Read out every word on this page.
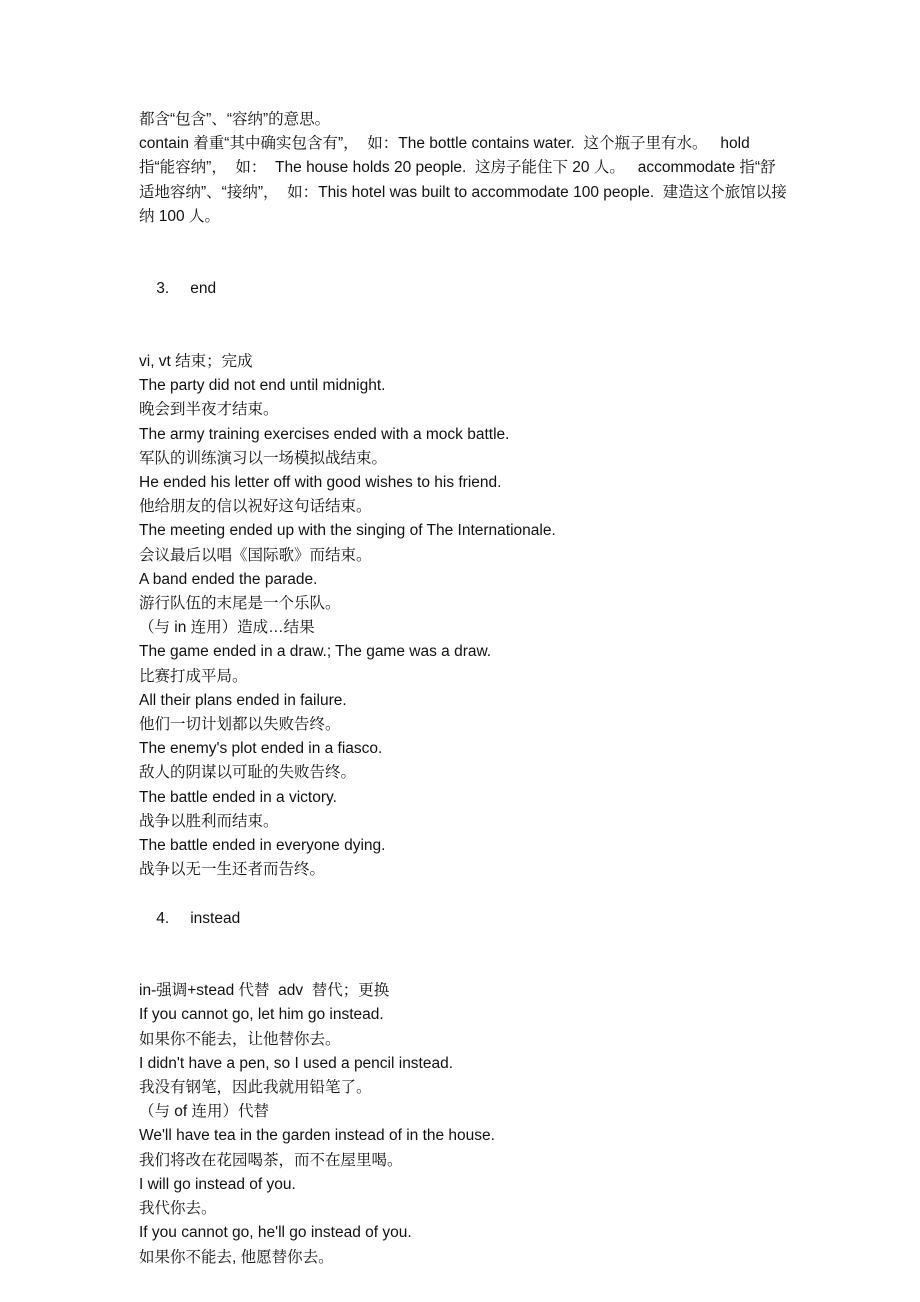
都含“包含”、“容纳”的意思。

contain 着重“其中确实包含有”，  如：The bottle contains water.  这个瓶子里有水。   hold 指“能容纳”，  如：  The house holds 20 people.  这房子能住下 20 人。   accommodate 指“舒适地容纳”、“接纳”，  如：This hotel was built to accommodate 100 people.  建造这个旅馆以接纳 100 人。

3. end

vi, vt 结束；完成

The party did not end until midnight.

晚会到半夜才结束。

The army training exercises ended with a mock battle.

军队的训练演习以一场模拟战结束。

He ended his letter off with good wishes to his friend.

他给朋友的信以祝好这句话结束。

The meeting ended up with the singing of The Internationale.

会议最后以唱《国际歌》而结束。

A band ended the parade.

游行队伍的末尾是一个乐队。

（与 in 连用）造成…结果

The game ended in a draw.; The game was a draw.

比赛打成平局。

All their plans ended in failure.

他们一切计划都以失败告终。

The enemy's plot ended in a fiasco.

敌人的阴谋以可耻的失败告终。

The battle ended in a victory.

战争以胜利而结束。

The battle ended in everyone dying.

战争以无一生还者而告终。

4. instead

in-强调+stead 代替  adv  替代；更换

If you cannot go, let him go instead.

如果你不能去，让他替你去。

I didn't have a pen, so I used a pencil instead.

我没有钢笔，因此我就用铅笔了。

（与 of 连用）代替

We'll have tea in the garden instead of in the house.

我们将改在花园喝茶，而不在屋里喝。

I will go instead of you.

我代你去。

If you cannot go, he'll go instead of you.

如果你不能去, 他愿替你去。
